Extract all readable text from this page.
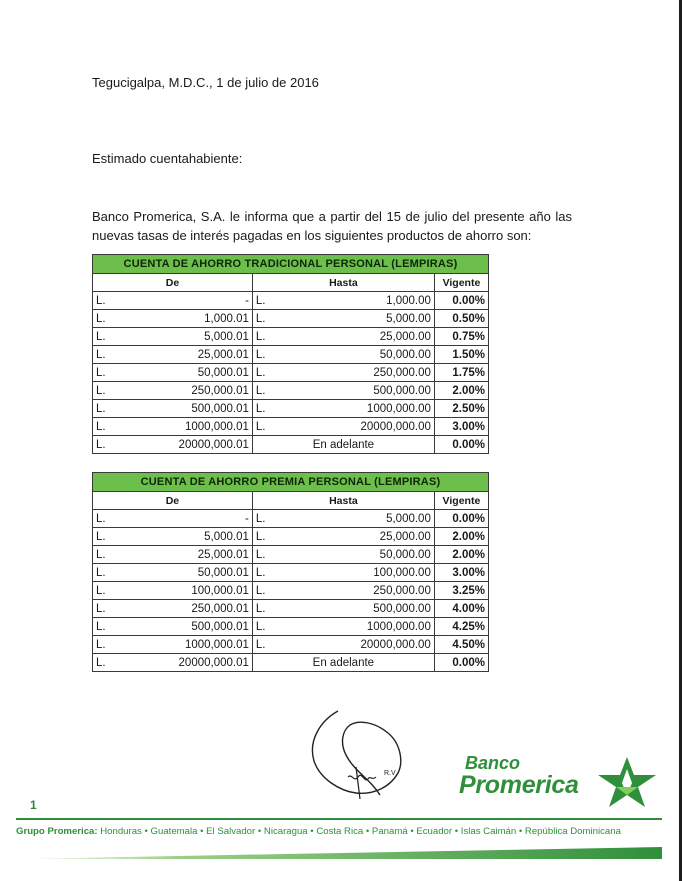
Tegucigalpa, M.D.C., 1 de julio de 2016
Estimado cuentahabiente:
Banco Promerica, S.A. le informa que a partir del 15 de julio del presente año las nuevas tasas de interés pagadas en los siguientes productos de ahorro son:
CUENTA DE AHORRO TRADICIONAL PERSONAL (LEMPIRAS)				
De		Hasta		Vigente
L.	-	L.	1,000.00	0.00%
L.	1,000.01	L.	5,000.00	0.50%
L.	5,000.01	L.	25,000.00	0.75%
L.	25,000.01	L.	50,000.00	1.50%
L.	50,000.01	L.	250,000.00	1.75%
L.	250,000.01	L.	500,000.00	2.00%
L.	500,000.01	L.	1000,000.00	2.50%
L.	1000,000.01	L.	20000,000.00	3.00%
L.	20000,000.01	En adelante		0.00%
CUENTA DE AHORRO PREMIA PERSONAL (LEMPIRAS)				
De		Hasta		Vigente
L.	-	L.	5,000.00	0.00%
L.	5,000.01	L.	25,000.00	2.00%
L.	25,000.01	L.	50,000.00	2.00%
L.	50,000.01	L.	100,000.00	3.00%
L.	100,000.01	L.	250,000.00	3.25%
L.	250,000.01	L.	500,000.00	4.00%
L.	500,000.01	L.	1000,000.00	4.25%
L.	1000,000.01	L.	20000,000.00	4.50%
L.	20000,000.01	En adelante		0.00%
R.V
1
Banco
Promerica
Grupo Promerica: Honduras • Guatemala • El Salvador • Nicaragua • Costa Rica • Panamá • Ecuador • Islas Caimán • República Dominicana
